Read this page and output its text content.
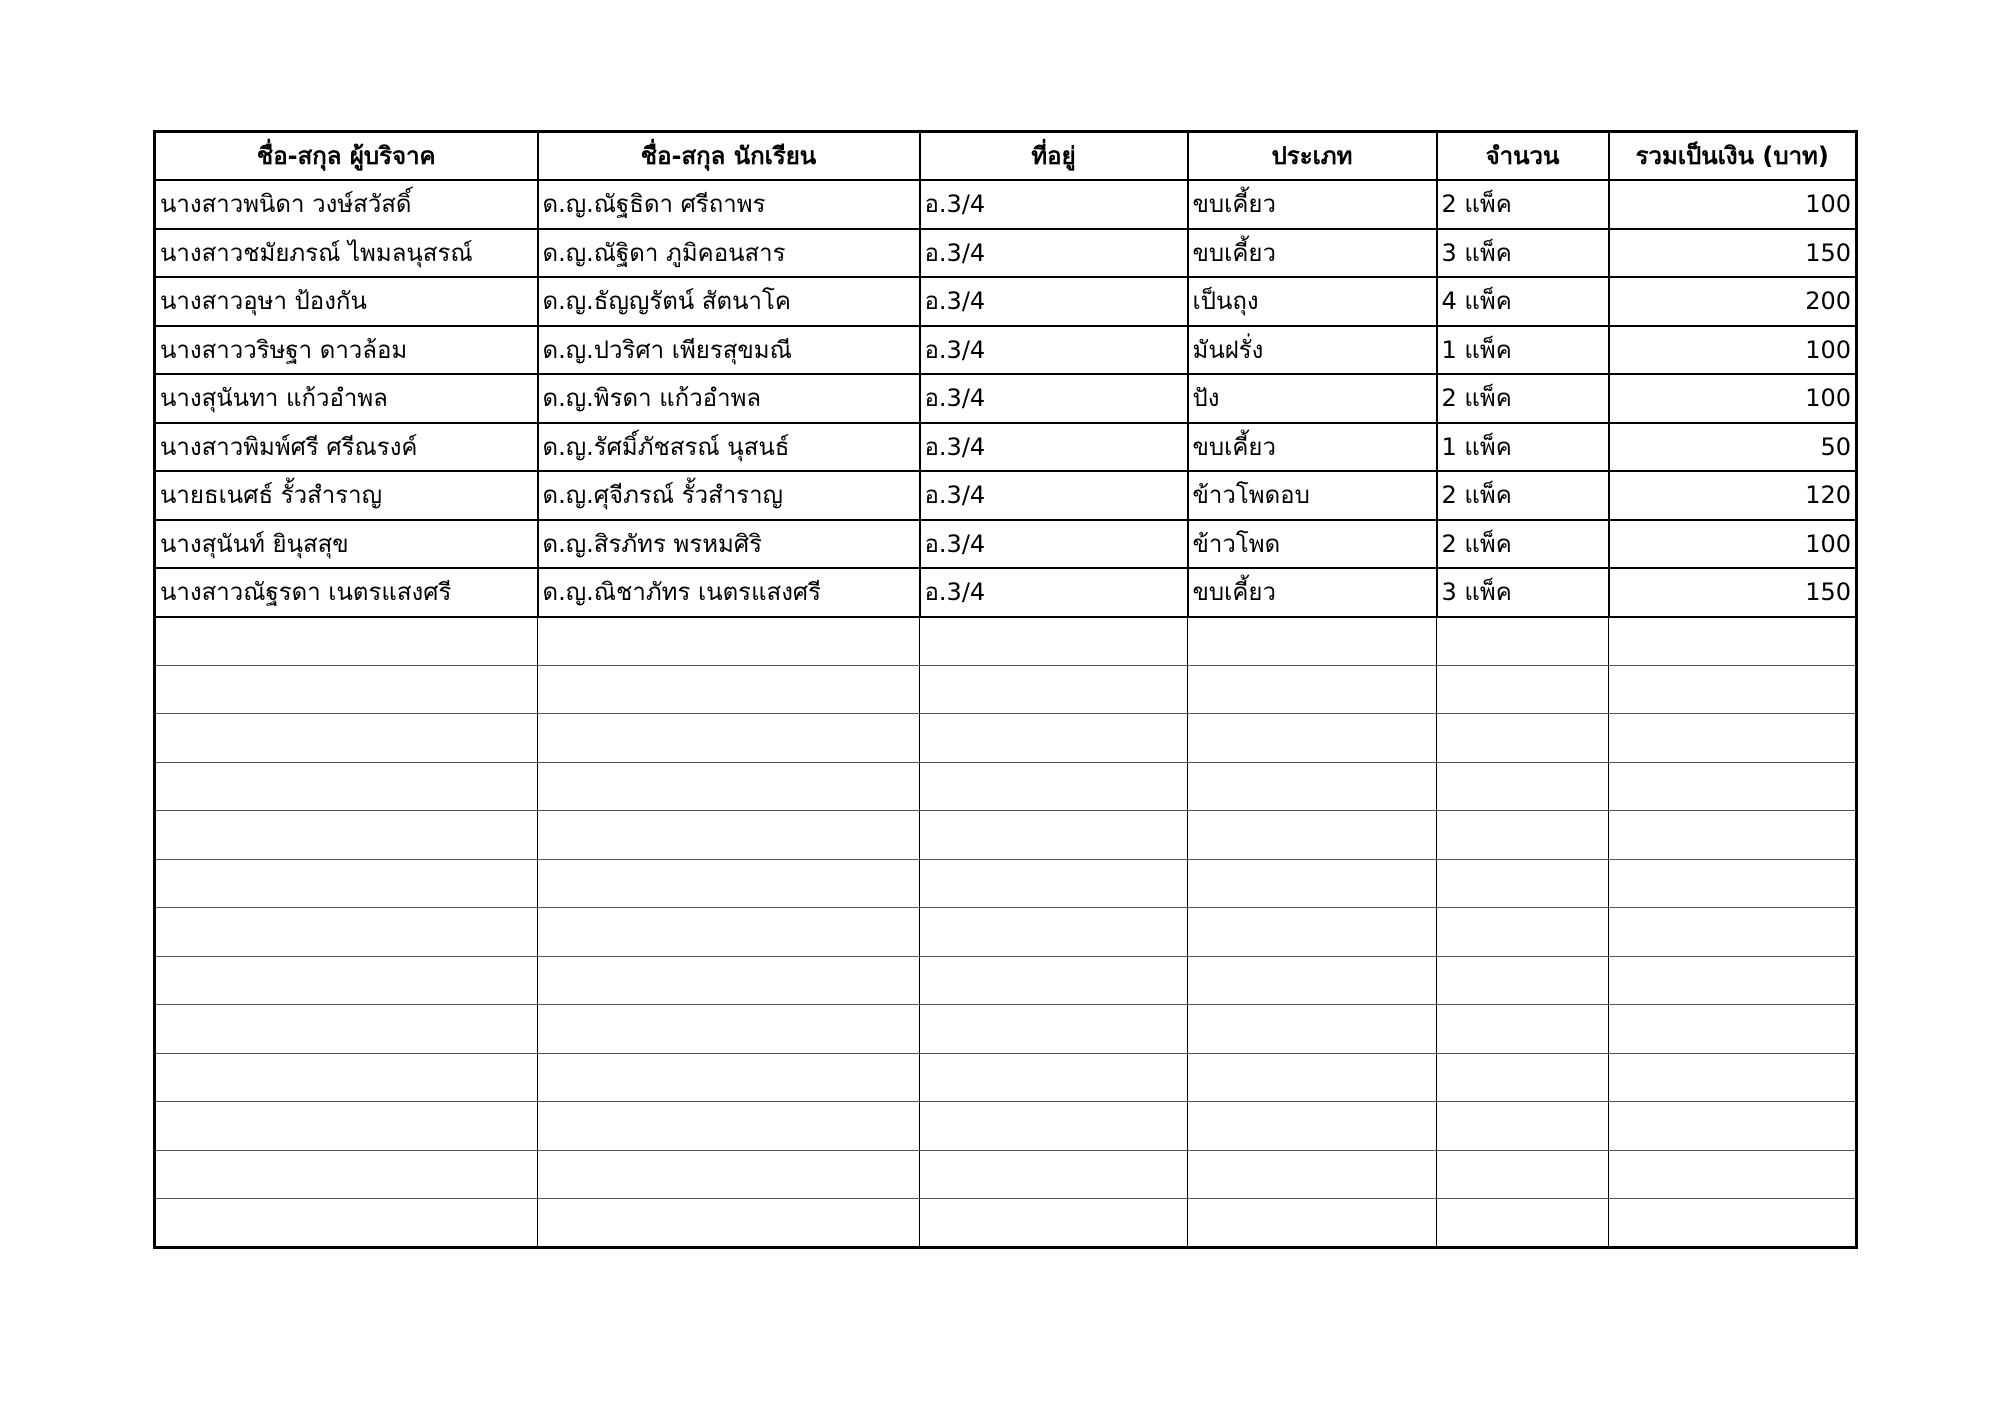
ชื่อ-สกุล ผู้บริจาค	ชื่อ-สกุล นักเรียน	ที่อยู่	ประเภท	จำนวน	รวมเป็นเงิน (บาท)
นางสาวพนิดา วงษ์สวัสดิ์	ด.ญ.ณัฐธิดา ศรีถาพร	อ.3/4	ขบเคี้ยว	2 แพ็ค	100
นางสาวชมัยภรณ์ ไพมลนุสรณ์	ด.ญ.ณัฐิดา ภูมิคอนสาร	อ.3/4	ขบเคี้ยว	3 แพ็ค	150
นางสาวอุษา ป้องกัน	ด.ญ.ธัญญรัตน์ สัตนาโค	อ.3/4	เป็นถุง	4 แพ็ค	200
นางสาววริษฐา ดาวล้อม	ด.ญ.ปวริศา เพียรสุขมณี	อ.3/4	มันฝรั่ง	1 แพ็ค	100
นางสุนันทา แก้วอำพล	ด.ญ.พิรดา แก้วอำพล	อ.3/4	ปัง	2 แพ็ค	100
นางสาวพิมพ์ศรี ศรีณรงค์	ด.ญ.รัศมิ์ภัชสรณ์ นุสนธ์	อ.3/4	ขบเคี้ยว	1 แพ็ค	50
นายธเนศธ์ รั้วสำราญ	ด.ญ.ศุจีภรณ์ รั้วสำราญ	อ.3/4	ข้าวโพดอบ	2 แพ็ค	120
นางสุนันท์ ยินุสสุข	ด.ญ.สิรภัทร พรหมศิริ	อ.3/4	ข้าวโพด	2 แพ็ค	100
นางสาวณัฐรดา เนตรแสงศรี	ด.ญ.ณิชาภัทร เนตรแสงศรี	อ.3/4	ขบเคี้ยว	3 แพ็ค	150
